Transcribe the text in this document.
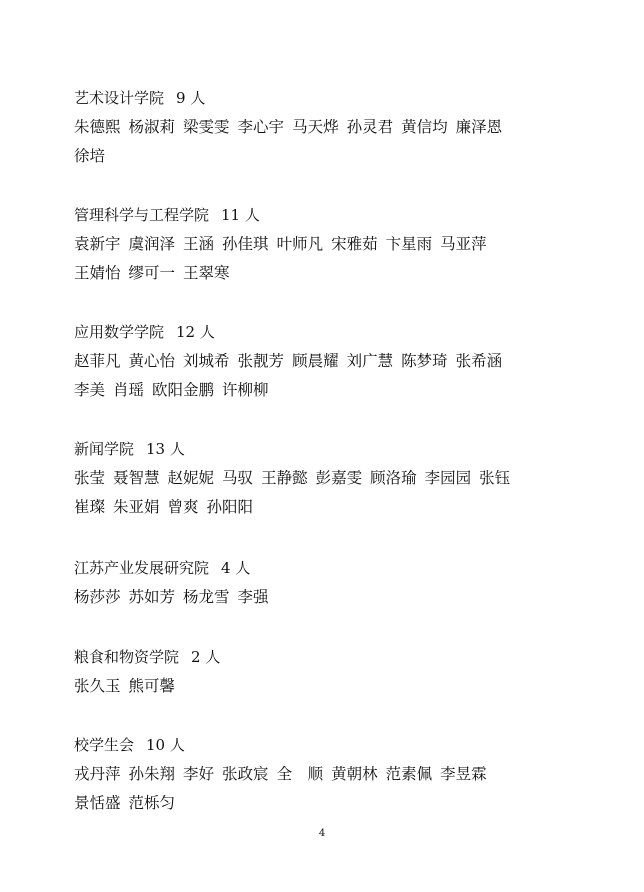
艺术设计学院 9 人
朱德熙 杨淑莉 梁雯雯 李心宇 马天烨 孙灵君 黄信均 廉泽恩
徐培
管理科学与工程学院 11 人
袁新宇 虞润泽 王涵 孙佳琪 叶师凡 宋雅茹 卞星雨 马亚萍
王婧怡 缪可一 王翠寒
应用数学学院 12 人
赵菲凡 黄心怡 刘城希 张靓芳 顾晨耀 刘广慧 陈梦琦 张希涵
李美 肖瑶 欧阳金鹏 许柳柳
新闻学院 13 人
张莹 聂智慧 赵妮妮 马驭 王静懿 彭嘉雯 顾洛瑜 李园园 张钰
崔璨 朱亚娟 曾爽 孙阳阳
江苏产业发展研究院 4 人
杨莎莎 苏如芳 杨龙雪 李强
粮食和物资学院 2 人
张久玉 熊可馨
校学生会 10 人
戎丹萍 孙朱翔 李好 张政宸 全　顺 黄朝林 范素佩 李昱霖
景恬盛 范栎匀
4
